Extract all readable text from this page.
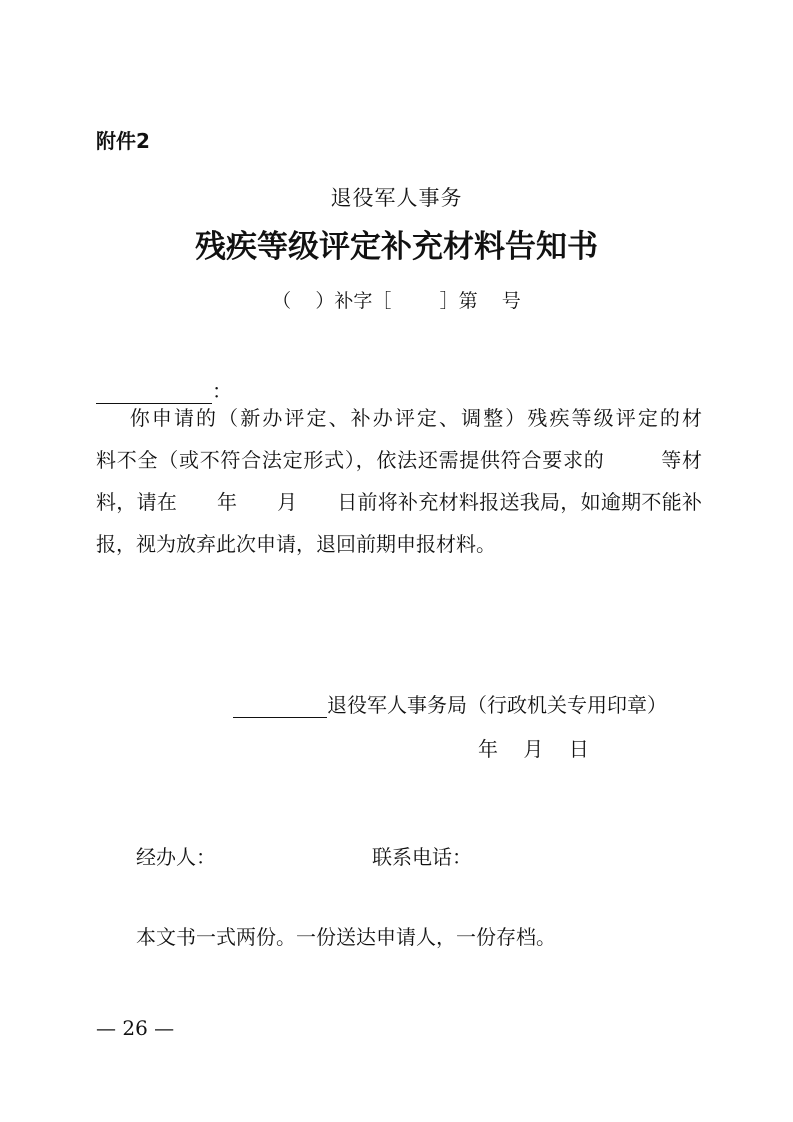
附件2
退役军人事务
残疾等级评定补充材料告知书
（    ）补字［        ］第    号
：
你申请的（新办评定、补办评定、调整）残疾等级评定的材
料不全（或不符合法定形式），依法还需提供符合要求的        等材
料，请在      年      月      日前将补充材料报送我局，如逾期不能补
报，视为放弃此次申请，退回前期申报材料。
退役军人事务局（行政机关专用印章）
年    月    日
经办人：	联系电话：
本文书一式两份。一份送达申请人，一份存档。
— 26 —
